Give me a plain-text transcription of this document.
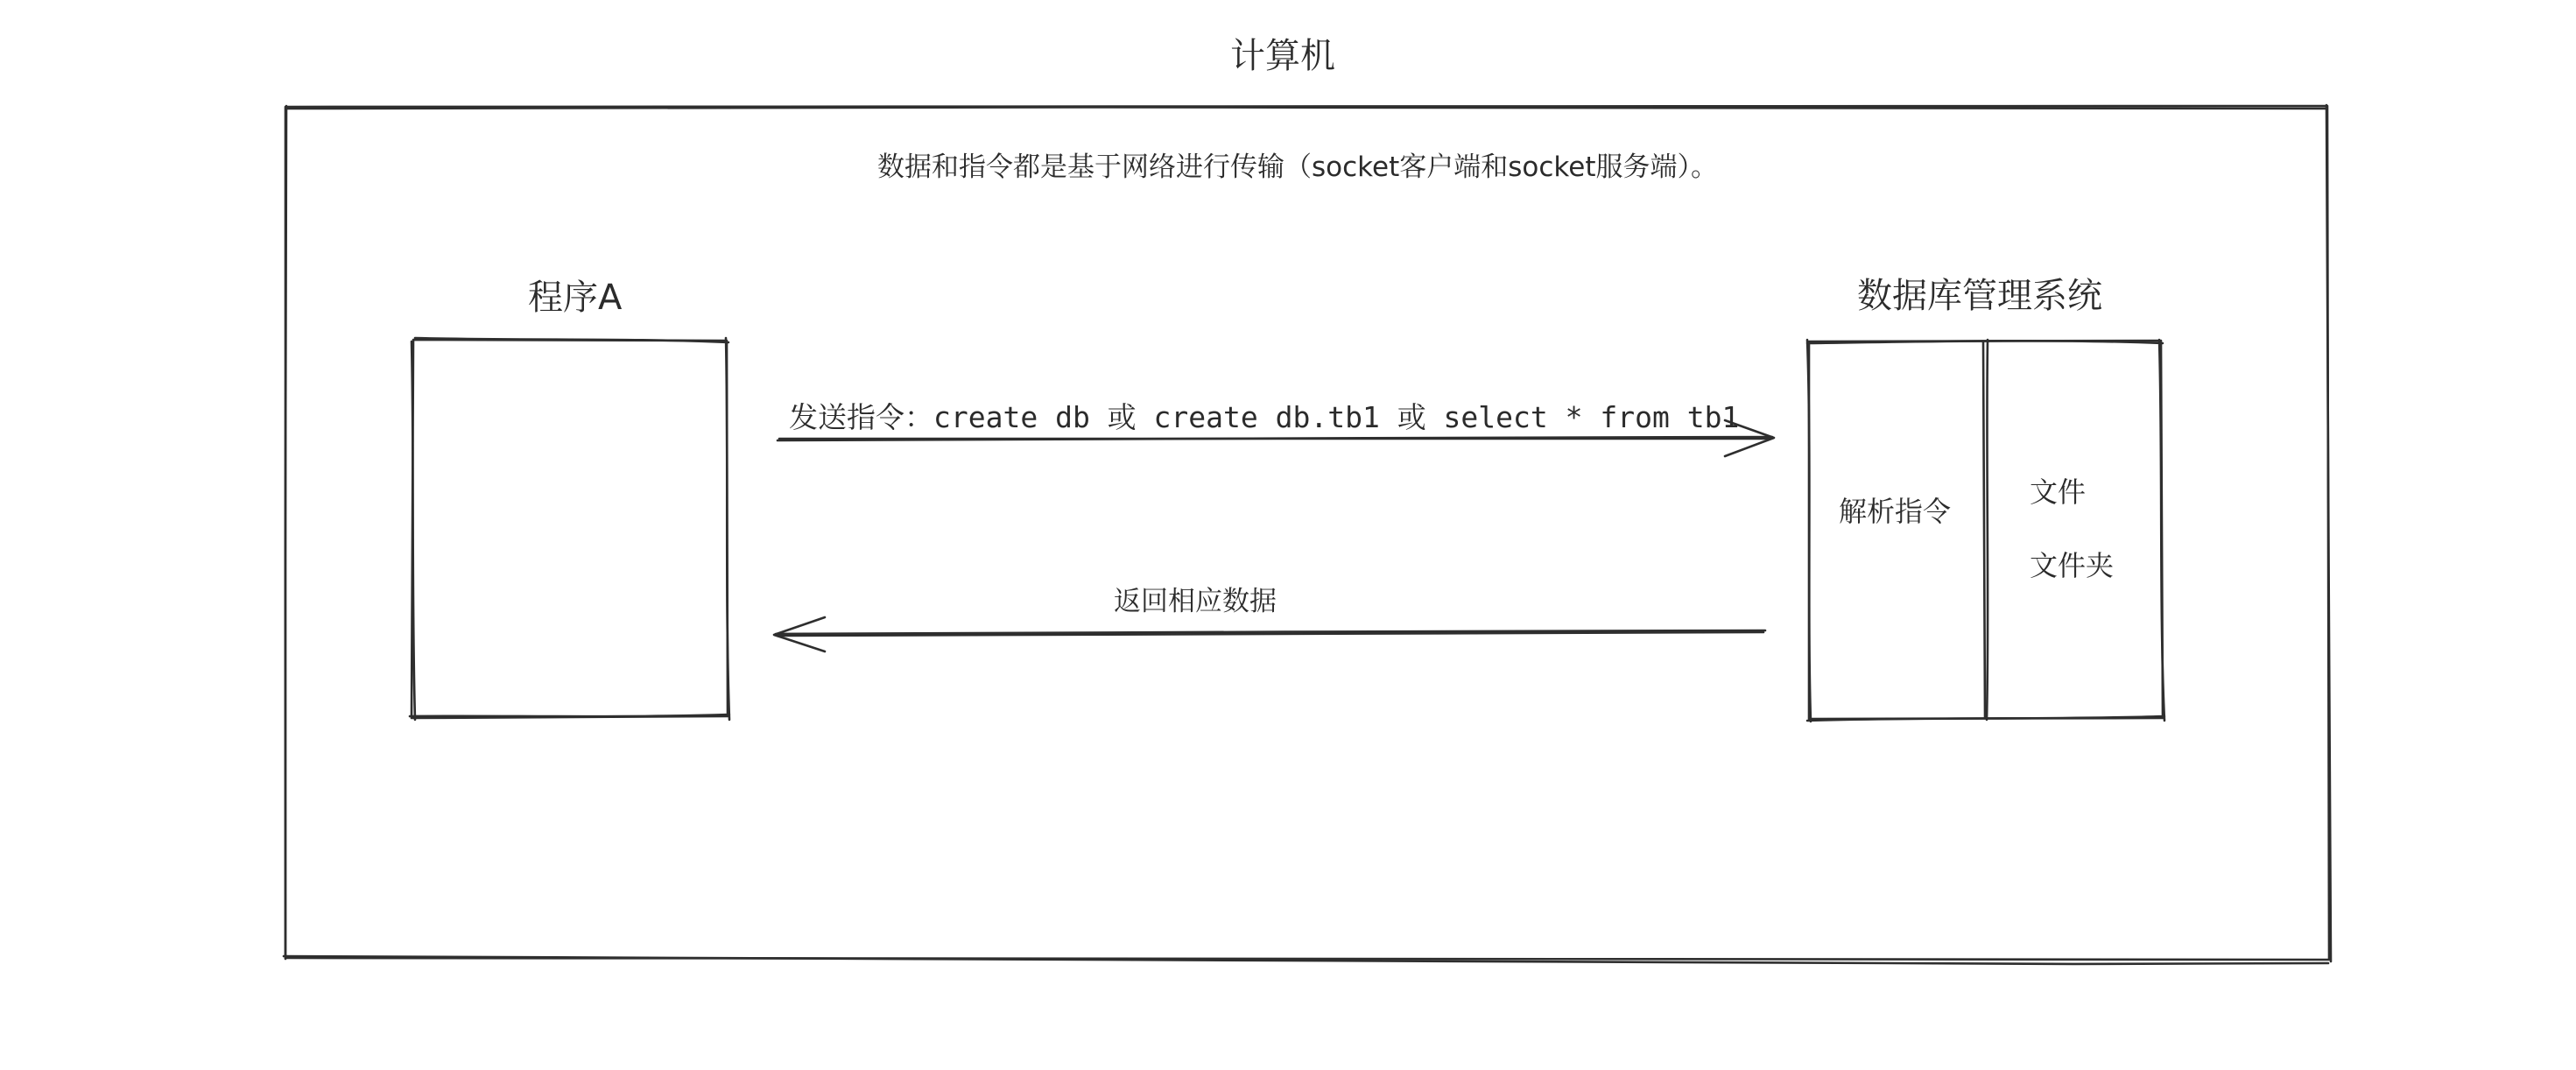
计算机
数据和指令都是基于网络进行传输（socket客户端和socket服务端）。
程序A	数据库管理系统
发送指令：create db 或 create db.tb1 或 select * from tb1
返回相应数据
解析指令
文件
文件夹
